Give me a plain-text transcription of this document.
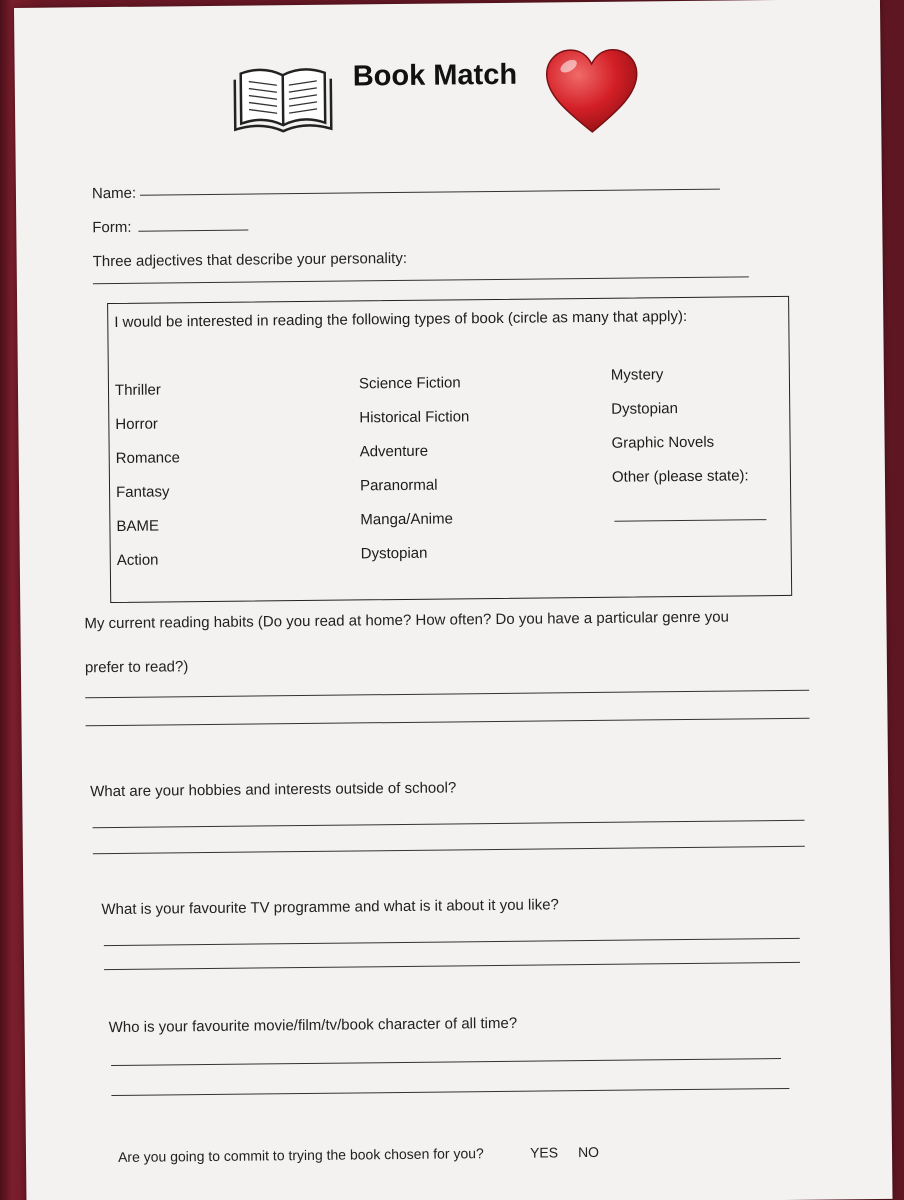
Book Match
Name:
Form:
Three adjectives that describe your personality:
I would be interested in reading the following types of book (circle as many that apply):
Thriller
Horror
Romance
Fantasy
BAME
Action
Science Fiction
Historical Fiction
Adventure
Paranormal
Manga/Anime
Dystopian
Mystery
Dystopian
Graphic Novels
Other (please state):
My current reading habits (Do you read at home? How often? Do you have a particular genre you
prefer to read?)
What are your hobbies and interests outside of school?
What is your favourite TV programme and what is it about it you like?
Who is your favourite movie/film/tv/book character of all time?
Are you going to commit to trying the book chosen for you?	YES NO
